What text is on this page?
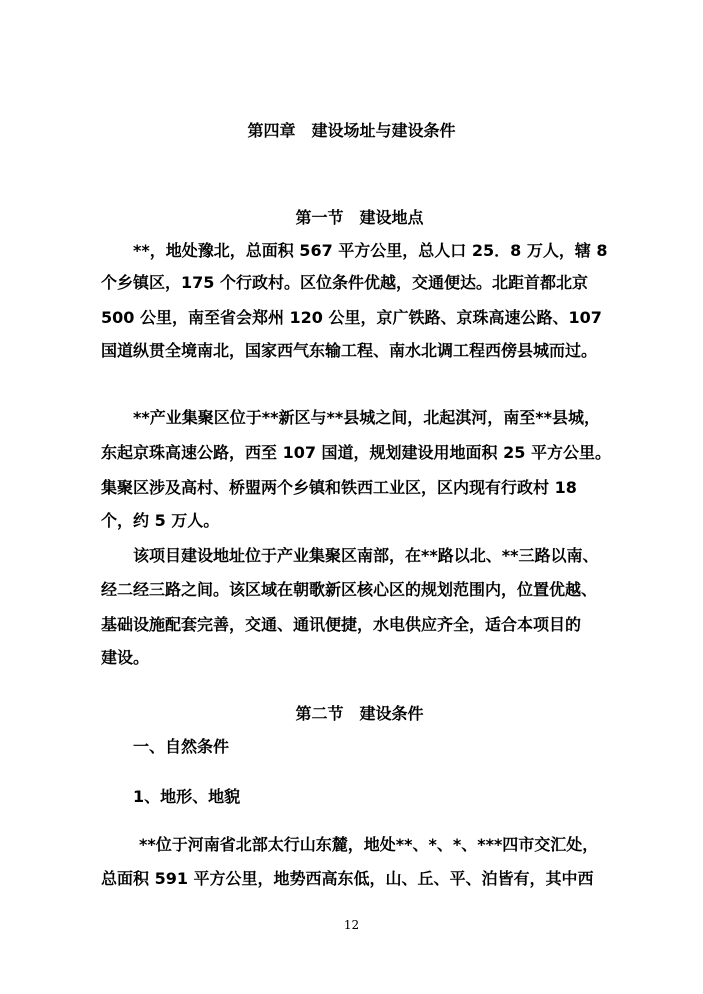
第四章　建设场址与建设条件
第一节　建设地点
**，地处豫北，总面积 567 平方公里，总人口 25．8 万人，辖 8
个乡镇区，175 个行政村。区位条件优越，交通便达。北距首都北京
500 公里，南至省会郑州 120 公里，京广铁路、京珠高速公路、107
国道纵贯全境南北，国家西气东输工程、南水北调工程西傍县城而过。
**产业集聚区位于**新区与**县城之间，北起淇河，南至**县城，
东起京珠高速公路，西至 107 国道，规划建设用地面积 25 平方公里。
集聚区涉及高村、桥盟两个乡镇和铁西工业区，区内现有行政村 18
个，约 5 万人。
该项目建设地址位于产业集聚区南部，在**路以北、**三路以南、
经二经三路之间。该区域在朝歌新区核心区的规划范围内，位置优越、
基础设施配套完善，交通、通讯便捷，水电供应齐全，适合本项目的
建设。
第二节　建设条件
一、自然条件
1、地形、地貌
**位于河南省北部太行山东麓，地处**、*、*、***四市交汇处，
总面积 591 平方公里，地势西高东低，山、丘、平、泊皆有，其中西
12
